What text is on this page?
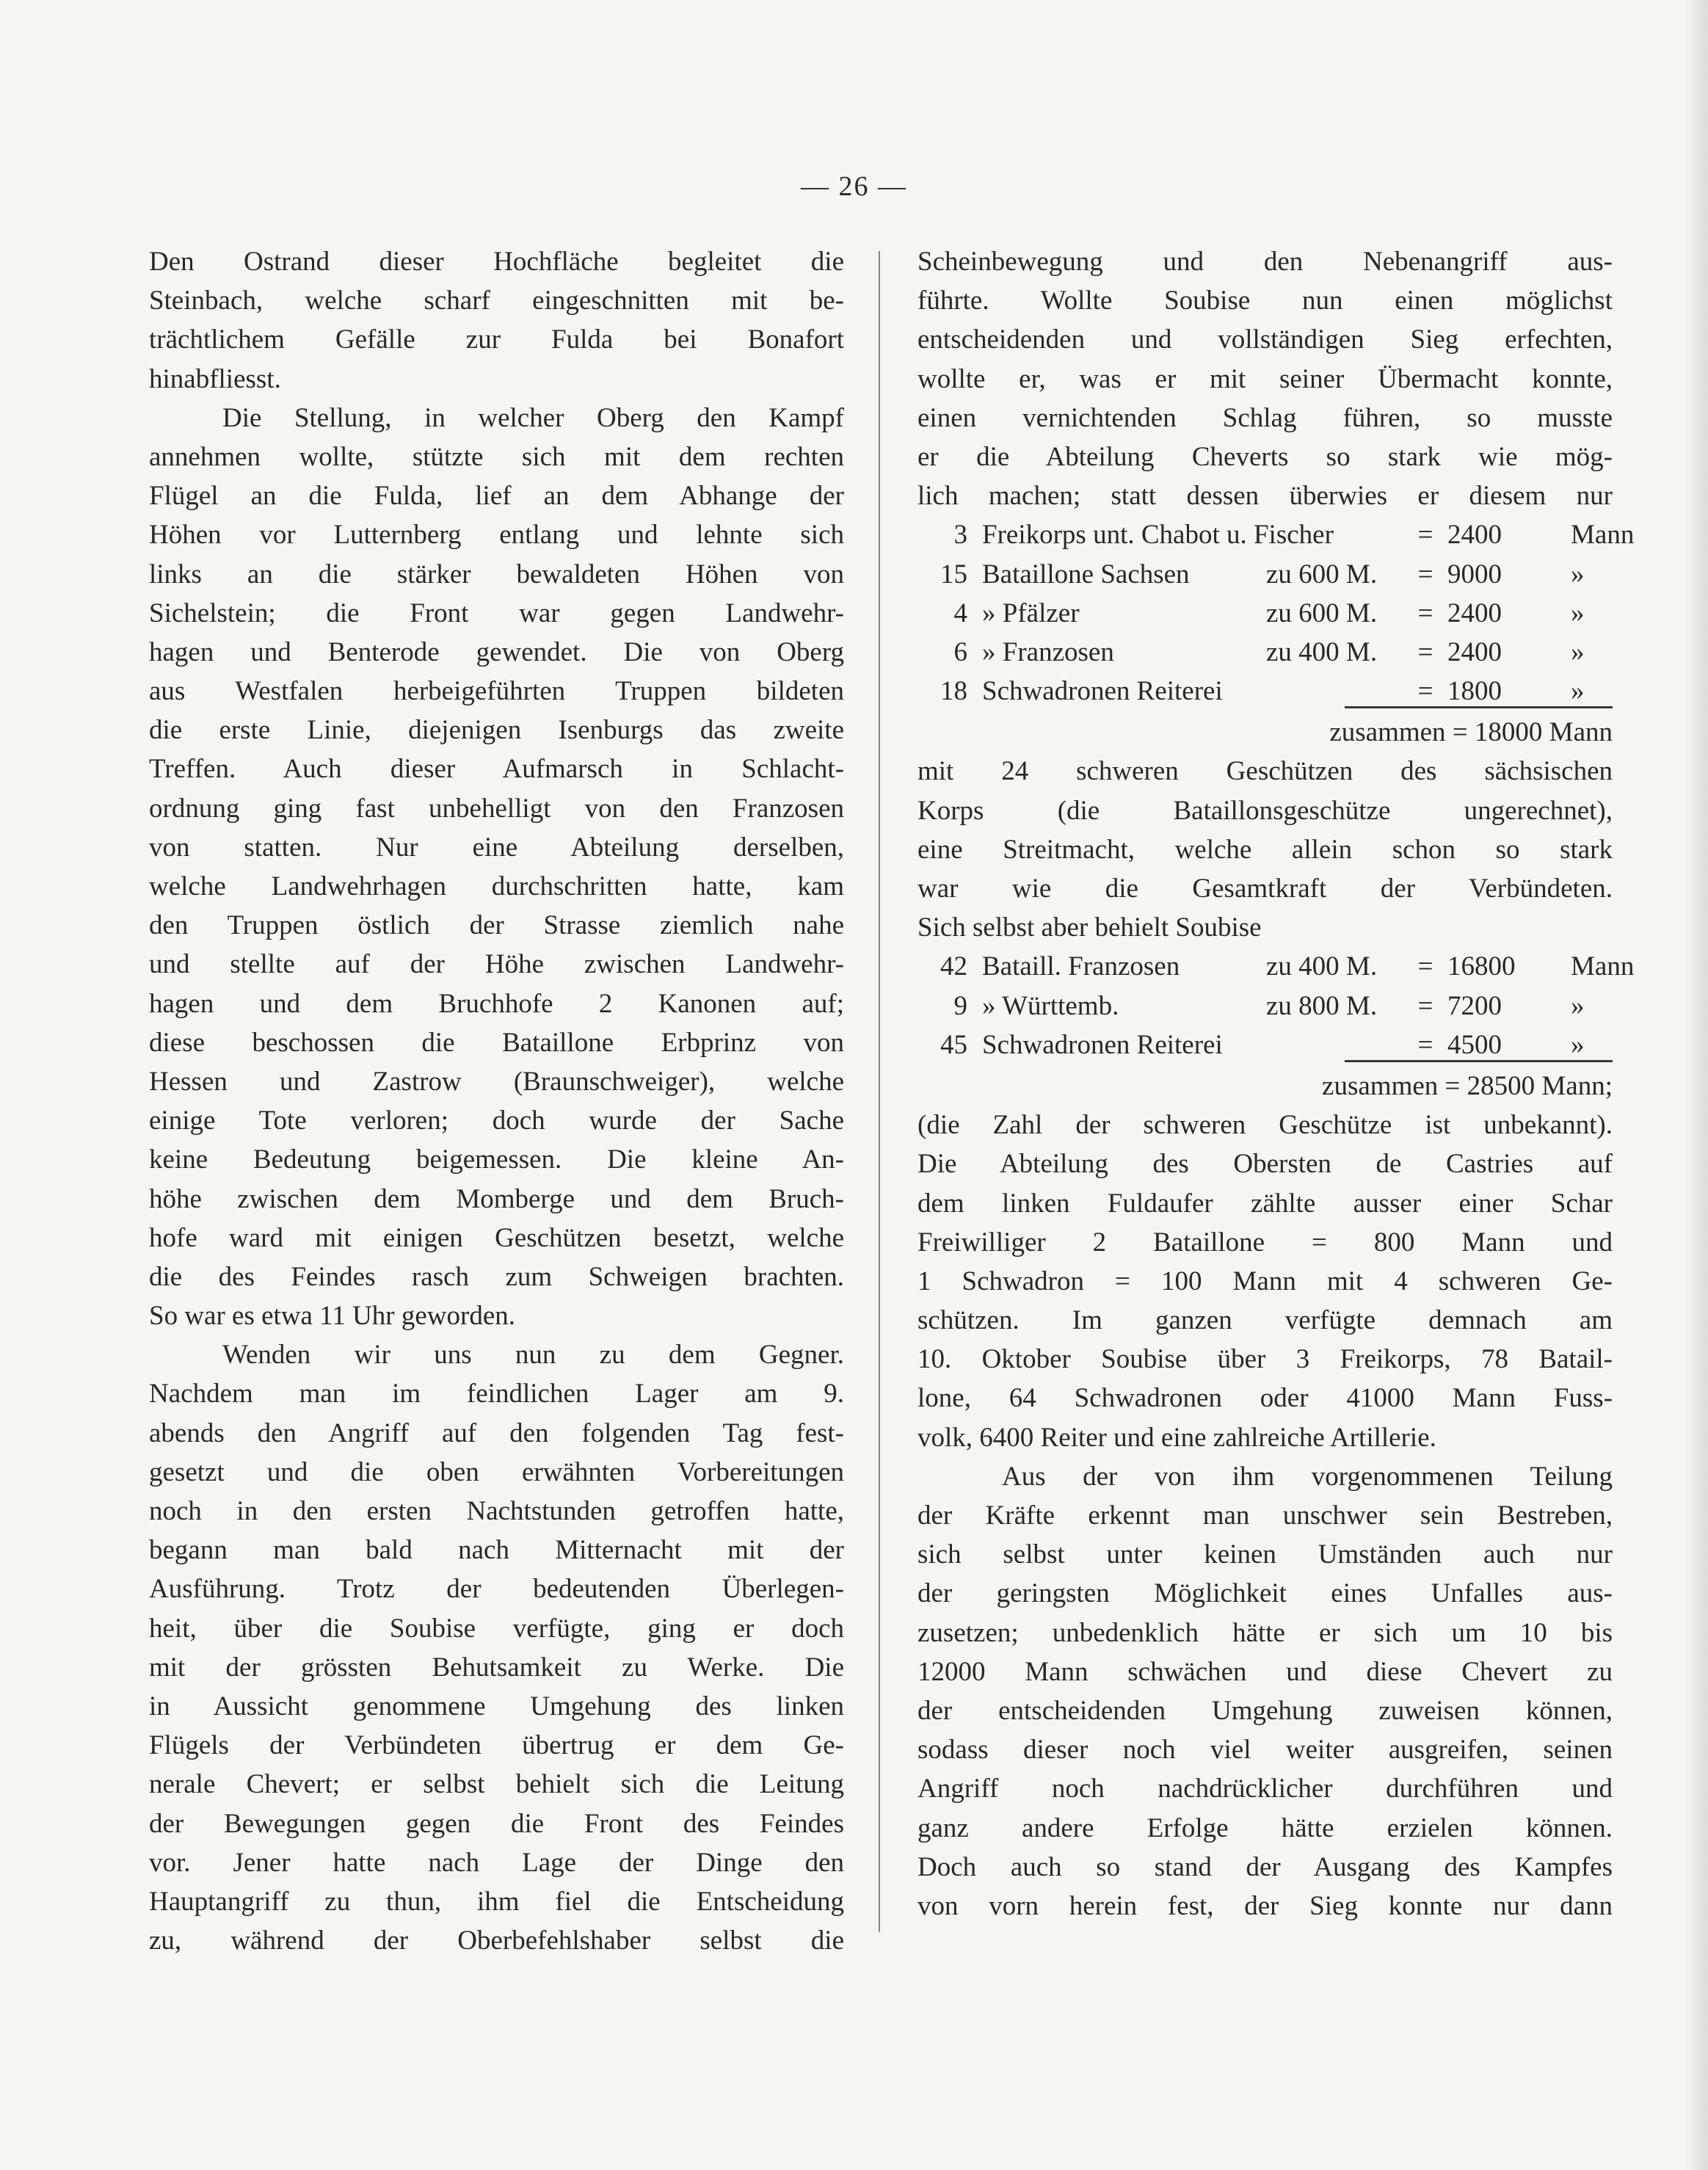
— 26 —
Den Ostrand dieser Hochfläche begleitet die
Steinbach, welche scharf eingeschnitten mit be-
trächtlichem Gefälle zur Fulda bei Bonafort
hinabfliesst.
Die Stellung, in welcher Oberg den Kampf
annehmen wollte, stützte sich mit dem rechten
Flügel an die Fulda, lief an dem Abhange der
Höhen vor Lutternberg entlang und lehnte sich
links an die stärker bewaldeten Höhen von
Sichelstein; die Front war gegen Landwehr-
hagen und Benterode gewendet. Die von Oberg
aus Westfalen herbeigeführten Truppen bildeten
die erste Linie, diejenigen Isenburgs das zweite
Treffen. Auch dieser Aufmarsch in Schlacht-
ordnung ging fast unbehelligt von den Franzosen
von statten. Nur eine Abteilung derselben,
welche Landwehrhagen durchschritten hatte, kam
den Truppen östlich der Strasse ziemlich nahe
und stellte auf der Höhe zwischen Landwehr-
hagen und dem Bruchhofe 2 Kanonen auf;
diese beschossen die Bataillone Erbprinz von
Hessen und Zastrow (Braunschweiger), welche
einige Tote verloren; doch wurde der Sache
keine Bedeutung beigemessen. Die kleine An-
höhe zwischen dem Momberge und dem Bruch-
hofe ward mit einigen Geschützen besetzt, welche
die des Feindes rasch zum Schweigen brachten.
So war es etwa 11 Uhr geworden.
Wenden wir uns nun zu dem Gegner.
Nachdem man im feindlichen Lager am 9.
abends den Angriff auf den folgenden Tag fest-
gesetzt und die oben erwähnten Vorbereitungen
noch in den ersten Nachtstunden getroffen hatte,
begann man bald nach Mitternacht mit der
Ausführung. Trotz der bedeutenden Überlegen-
heit, über die Soubise verfügte, ging er doch
mit der grössten Behutsamkeit zu Werke. Die
in Aussicht genommene Umgehung des linken
Flügels der Verbündeten übertrug er dem Ge-
nerale Chevert; er selbst behielt sich die Leitung
der Bewegungen gegen die Front des Feindes
vor. Jener hatte nach Lage der Dinge den
Hauptangriff zu thun, ihm fiel die Entscheidung
zu, während der Oberbefehlshaber selbst die
Scheinbewegung und den Nebenangriff aus-
führte. Wollte Soubise nun einen möglichst
entscheidenden und vollständigen Sieg erfechten,
wollte er, was er mit seiner Übermacht konnte,
einen vernichtenden Schlag führen, so musste
er die Abteilung Cheverts so stark wie mög-
lich machen; statt dessen überwies er diesem nur
3 Freikorps unt. Chabot u. Fischer	= 2400	Mann
15 Bataillone Sachsen	zu 600 M. = 9000	»
4 » Pfälzer	zu 600 M. = 2400	»
6 » Franzosen	zu 400 M. = 2400	»
18 Schwadronen Reiterei	= 1800	»
zusammen = 18000 Mann
mit 24 schweren Geschützen des sächsischen
Korps (die Bataillonsgeschütze ungerechnet),
eine Streitmacht, welche allein schon so stark
war wie die Gesamtkraft der Verbündeten.
Sich selbst aber behielt Soubise
42 Bataill. Franzosen	zu 400 M. = 16800 Mann
9 » Württemb.	zu 800 M. = 7200	»
45 Schwadronen Reiterei	= 4500	»
zusammen = 28500 Mann;
(die Zahl der schweren Geschütze ist unbekannt).
Die Abteilung des Obersten de Castries auf
dem linken Fuldaufer zählte ausser einer Schar
Freiwilliger 2 Bataillone = 800 Mann und
1 Schwadron = 100 Mann mit 4 schweren Ge-
schützen. Im ganzen verfügte demnach am
10. Oktober Soubise über 3 Freikorps, 78 Batail-
lone, 64 Schwadronen oder 41000 Mann Fuss-
volk, 6400 Reiter und eine zahlreiche Artillerie.
Aus der von ihm vorgenommenen Teilung
der Kräfte erkennt man unschwer sein Bestreben,
sich selbst unter keinen Umständen auch nur
der geringsten Möglichkeit eines Unfalles aus-
zusetzen; unbedenklich hätte er sich um 10 bis
12000 Mann schwächen und diese Chevert zu
der entscheidenden Umgehung zuweisen können,
sodass dieser noch viel weiter ausgreifen, seinen
Angriff noch nachdrücklicher durchführen und
ganz andere Erfolge hätte erzielen können.
Doch auch so stand der Ausgang des Kampfes
von vorn herein fest, der Sieg konnte nur dann
